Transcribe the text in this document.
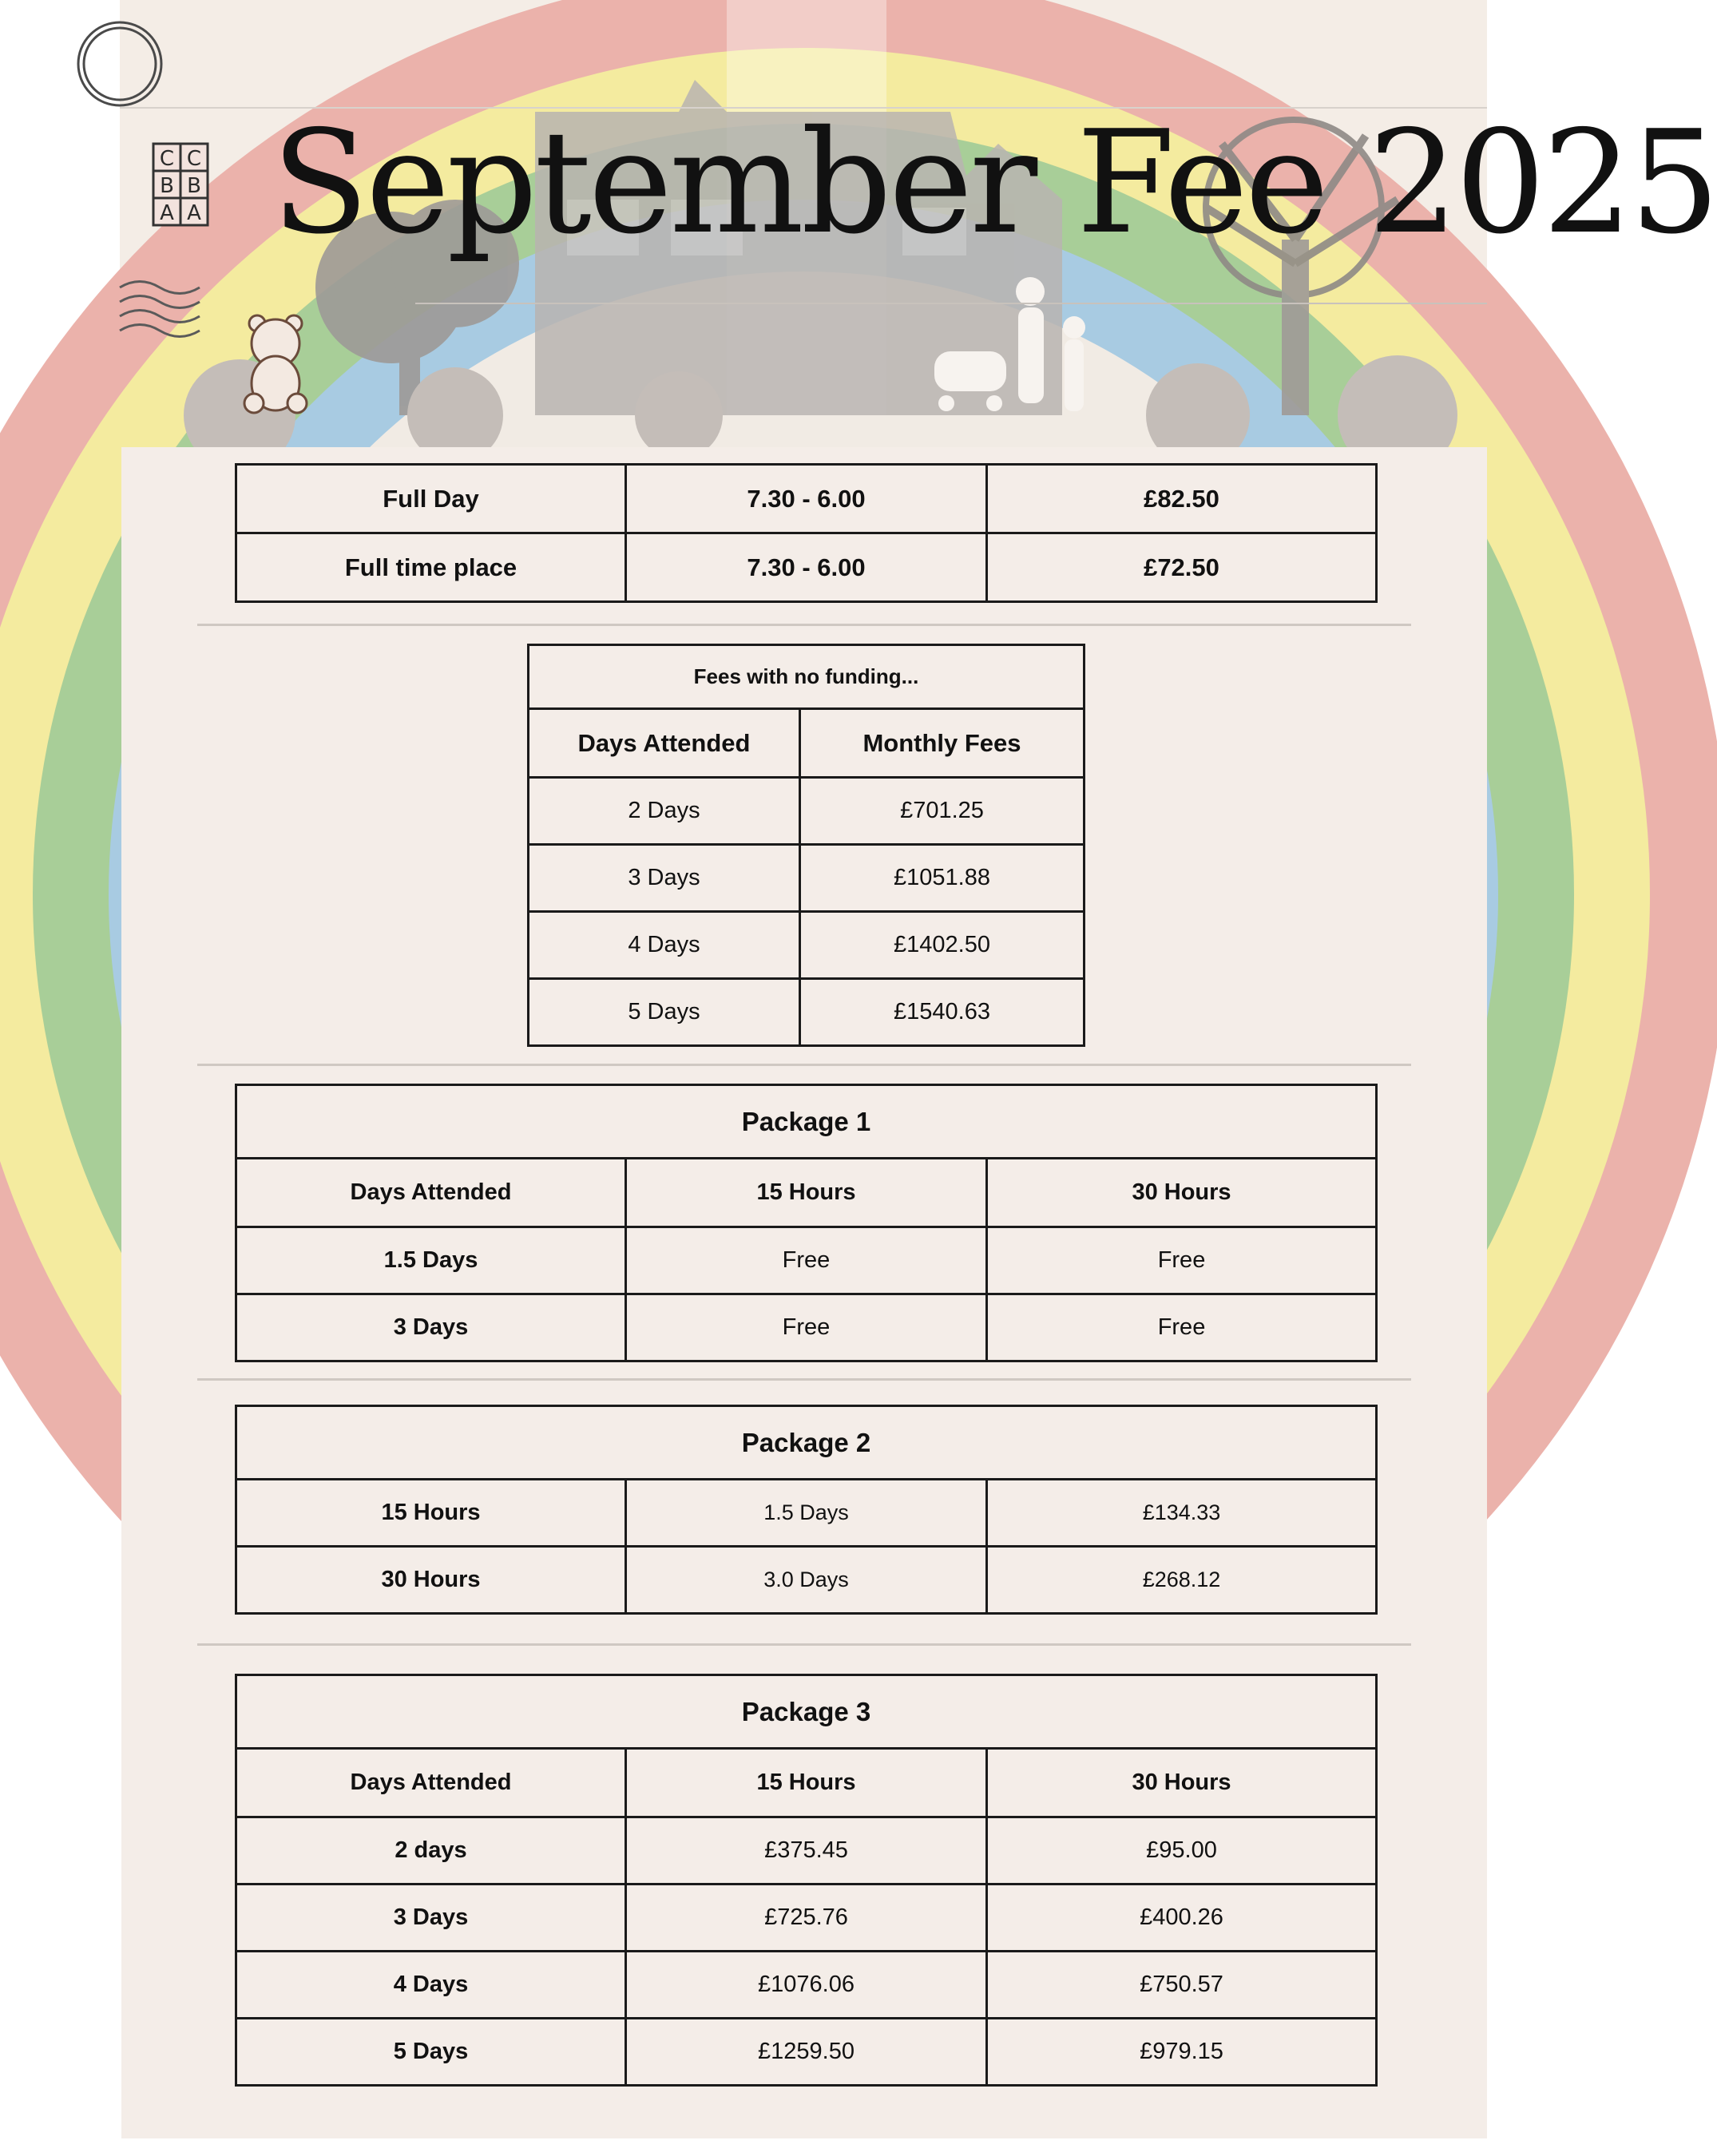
C C
B B
A A September Fee 2025
Full Day	7.30 - 6.00	£82.50
Full time place	7.30 - 6.00	£72.50
Fees with no funding...	
Days Attended	Monthly Fees
2 Days	£701.25
3 Days	£1051.88
4 Days	£1402.50
5 Days	£1540.63
Package 1		
Days Attended	15 Hours	30 Hours
1.5 Days	Free	Free
3 Days	Free	Free
Package 2		
15 Hours	1.5 Days	£134.33
30 Hours	3.0 Days	£268.12
Package 3		
Days Attended	15 Hours	30 Hours
2 days	£375.45	£95.00
3 Days	£725.76	£400.26
4 Days	£1076.06	£750.57
5 Days	£1259.50	£979.15
